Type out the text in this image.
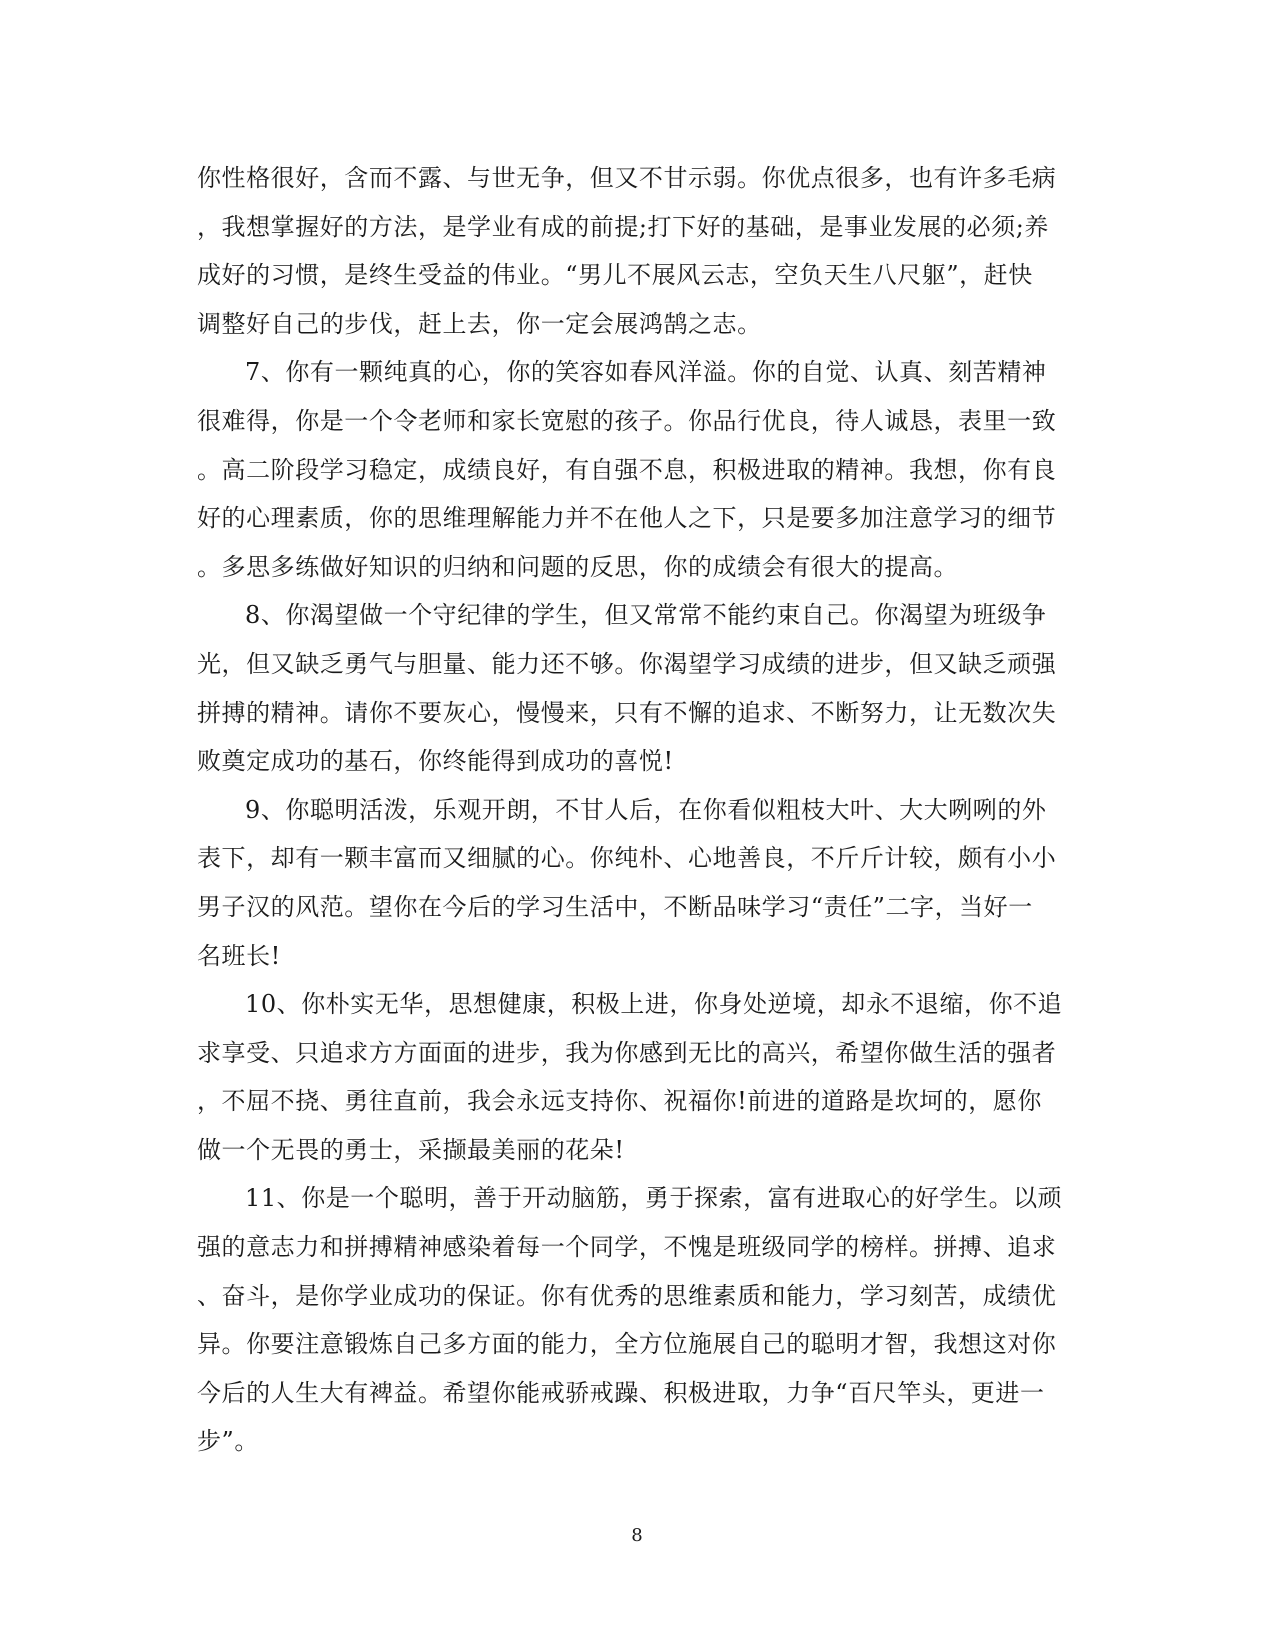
你性格很好，含而不露、与世无争，但又不甘示弱。你优点很多，也有许多毛病
，我想掌握好的方法，是学业有成的前提;打下好的基础，是事业发展的必须;养
成好的习惯，是终生受益的伟业。“男儿不展风云志，空负天生八尺躯”，赶快
调整好自己的步伐，赶上去，你一定会展鸿鹄之志。
7、你有一颗纯真的心，你的笑容如春风洋溢。你的自觉、认真、刻苦精神
很难得，你是一个令老师和家长宽慰的孩子。你品行优良，待人诚恳，表里一致
。高二阶段学习稳定，成绩良好，有自强不息，积极进取的精神。我想，你有良
好的心理素质，你的思维理解能力并不在他人之下，只是要多加注意学习的细节
。多思多练做好知识的归纳和问题的反思，你的成绩会有很大的提高。
8、你渴望做一个守纪律的学生，但又常常不能约束自己。你渴望为班级争
光，但又缺乏勇气与胆量、能力还不够。你渴望学习成绩的进步，但又缺乏顽强
拼搏的精神。请你不要灰心，慢慢来，只有不懈的追求、不断努力，让无数次失
败奠定成功的基石，你终能得到成功的喜悦!
9、你聪明活泼，乐观开朗，不甘人后，在你看似粗枝大叶、大大咧咧的外
表下，却有一颗丰富而又细腻的心。你纯朴、心地善良，不斤斤计较，颇有小小
男子汉的风范。望你在今后的学习生活中，不断品味学习“责任”二字，当好一
名班长!
10、你朴实无华，思想健康，积极上进，你身处逆境，却永不退缩，你不追
求享受、只追求方方面面的进步，我为你感到无比的高兴，希望你做生活的强者
，不屈不挠、勇往直前，我会永远支持你、祝福你!前进的道路是坎坷的，愿你
做一个无畏的勇士，采撷最美丽的花朵!
11、你是一个聪明，善于开动脑筋，勇于探索，富有进取心的好学生。以顽
强的意志力和拼搏精神感染着每一个同学，不愧是班级同学的榜样。拼搏、追求
、奋斗，是你学业成功的保证。你有优秀的思维素质和能力，学习刻苦，成绩优
异。你要注意锻炼自己多方面的能力，全方位施展自己的聪明才智，我想这对你
今后的人生大有裨益。希望你能戒骄戒躁、积极进取，力争“百尺竿头，更进一
步”。
8
